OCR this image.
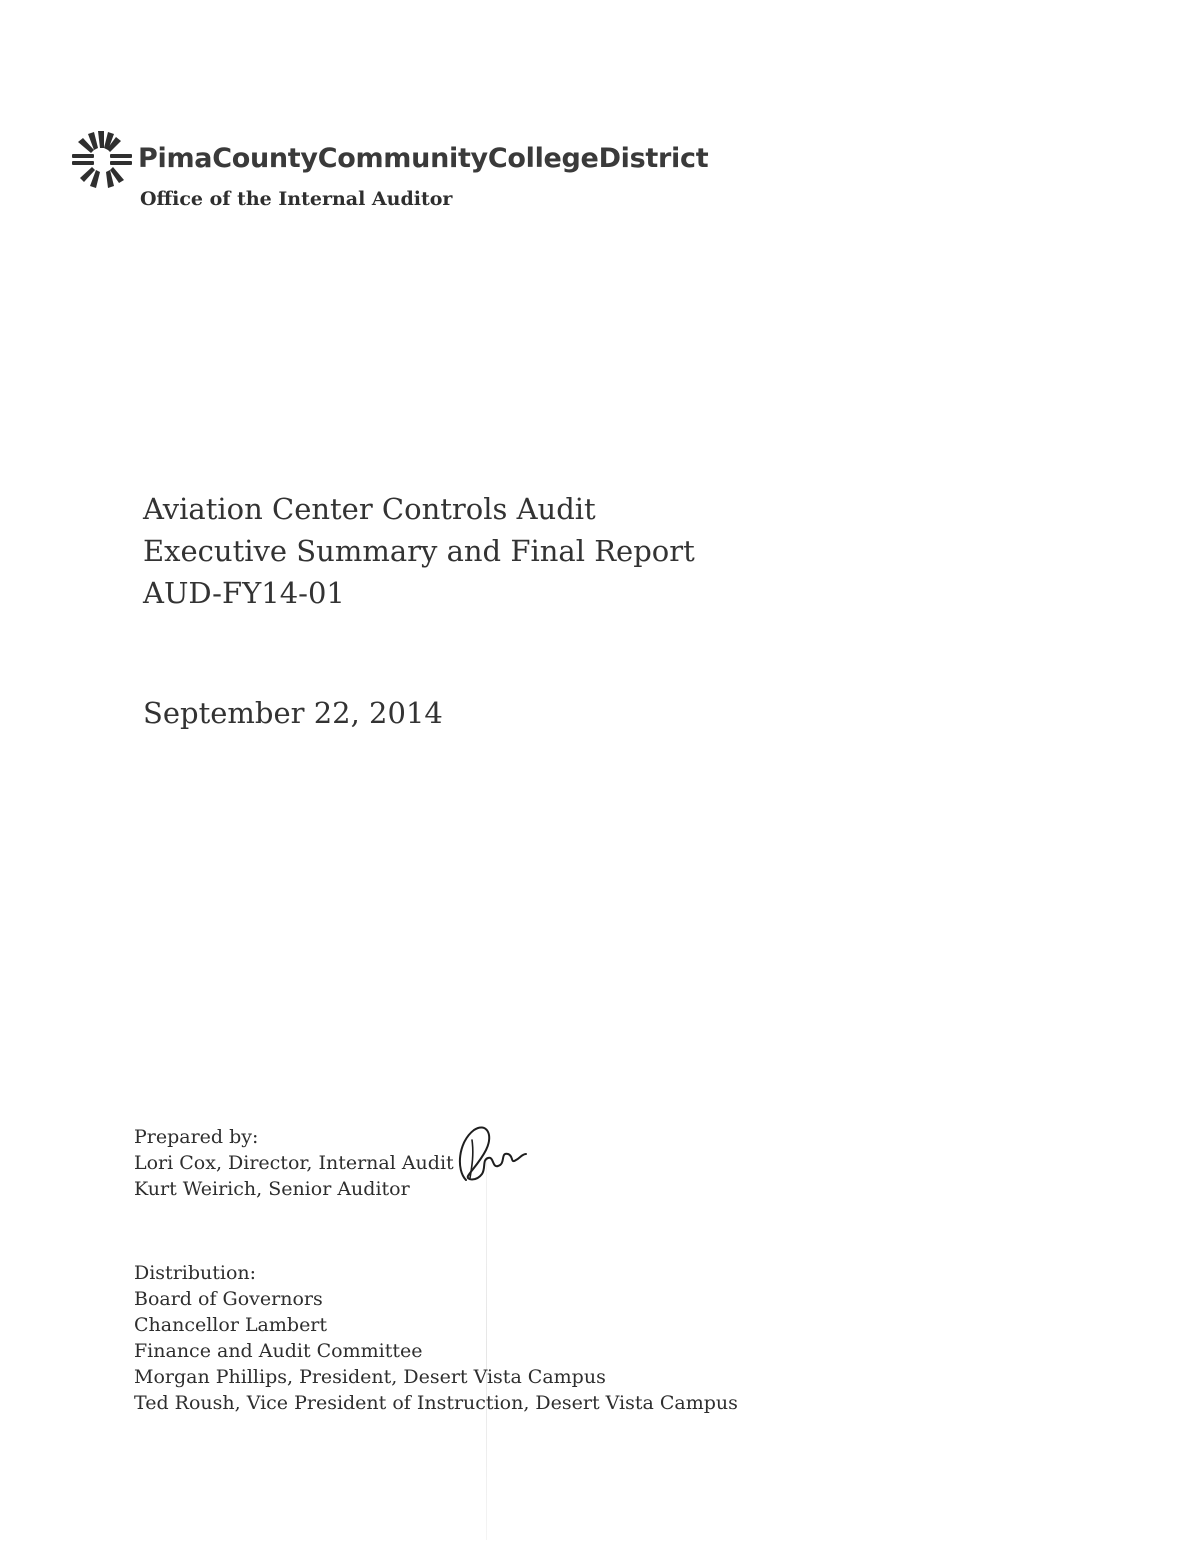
PimaCountyCommunityCollegeDistrict
Office of the Internal Auditor
Aviation Center Controls Audit
Executive Summary and Final Report
AUD-FY14-01
September 22, 2014
Prepared by:
Lori Cox, Director, Internal Audit
Kurt Weirich, Senior Auditor
Distribution:
Board of Governors
Chancellor Lambert
Finance and Audit Committee
Morgan Phillips, President, Desert Vista Campus
Ted Roush, Vice President of Instruction, Desert Vista Campus
